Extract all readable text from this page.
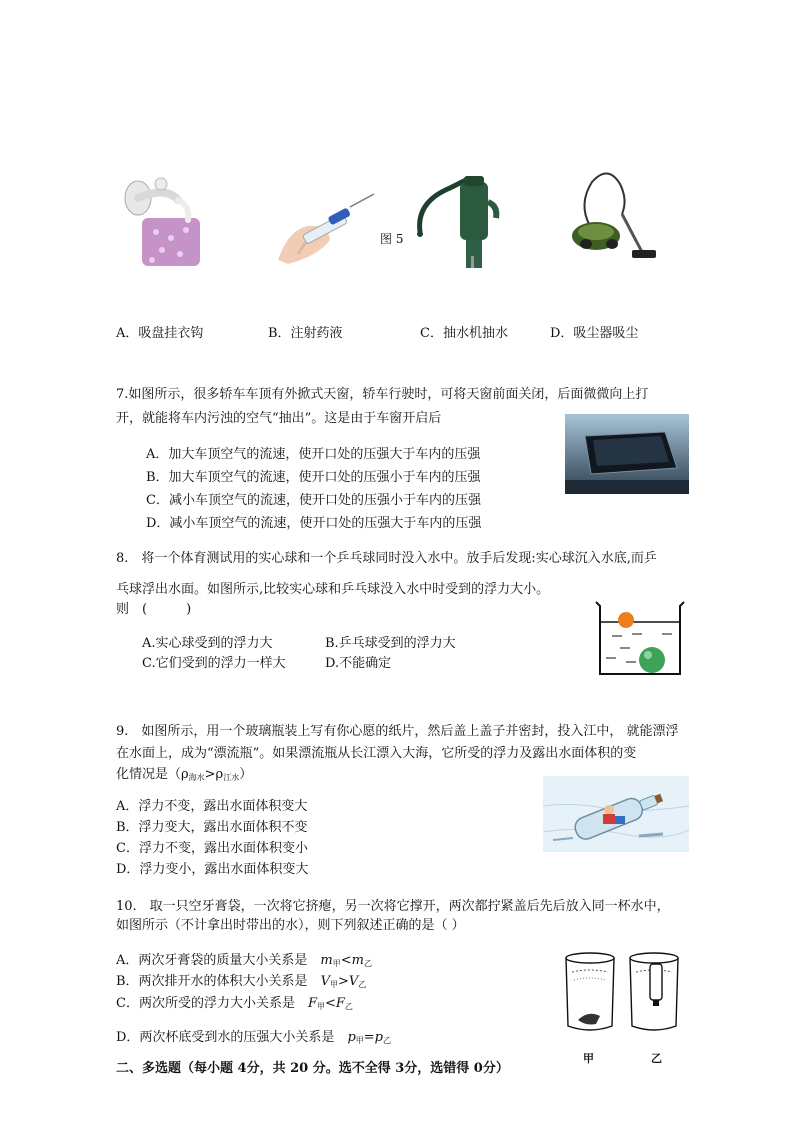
图 5
A．吸盘挂衣钩	B．注射药液	C．抽水机抽水	D．吸尘器吸尘
7.如图所示，很多轿车车顶有外掀式天窗，轿车行驶时，可将天窗前面关闭，后面微微向上打
开，就能将车内污浊的空气“抽出”。这是由于车窗开启后
A．加大车顶空气的流速，使开口处的压强大于车内的压强
B．加大车顶空气的流速，使开口处的压强小于车内的压强
C．减小车顶空气的流速，使开口处的压强小于车内的压强
D．减小车顶空气的流速，使开口处的压强大于车内的压强
8.　将一个体育测试用的实心球和一个乒乓球同时没入水中。放手后发现:实心球沉入水底,而乒
乓球浮出水面。如图所示,比较实心球和乒乓球没入水中时受到的浮力大小。
则　(　　　)
A.实心球受到的浮力大	B.乒乓球受到的浮力大
C.它们受到的浮力一样大	D.不能确定
9.　如图所示，用一个玻璃瓶装上写有你心愿的纸片，然后盖上盖子并密封，投入江中， 就能漂浮
在水面上，成为“漂流瓶”。如果漂流瓶从长江漂入大海，它所受的浮力及露出水面体积的变
化情况是$(\rho_{海水}>\rho_{江水})$
A．浮力不变，露出水面体积变大
B．浮力变大，露出水面体积不变
C．浮力不变，露出水面体积变小
D．浮力变小，露出水面体积变大
10.　取一只空牙膏袋，一次将它挤瘪，另一次将它撑开，两次都拧紧盖后先后放入同一杯水中，
如图所示（不计拿出时带出的水），则下列叙述正确的是（ ）
A．两次牙膏袋的质量大小关系是　$m_甲<m_乙$
B．两次排开水的体积大小关系是　$V_甲>V_乙$
C．两次所受的浮力大小关系是　$F_甲<F_乙$
D．两次杯底受到水的压强大小关系是　$p_甲=p_乙$
甲	乙
二、多选题（每小题 4分，共 20 分。选不全得 3分，选错得 0分）
